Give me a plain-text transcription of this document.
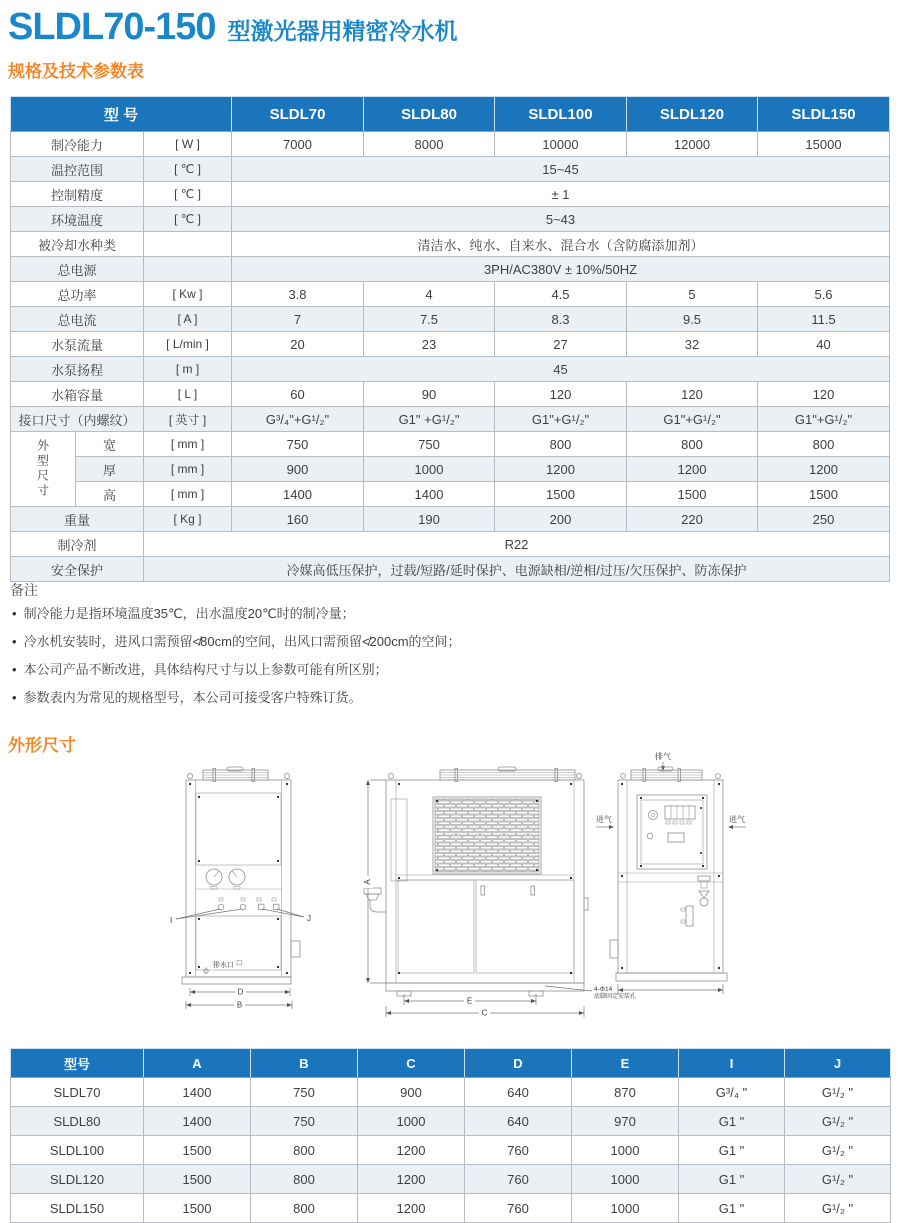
SLDL70-150 型激光器用精密冷水机
规格及技术参数表
型 号			SLDL70	SLDL80	SLDL100	SLDL120	SLDL150
制冷能力		[ W ]	7000	8000	10000	12000	15000
温控范围		[ ℃ ]	15~45				
控制精度		[ ℃ ]	± 1				
环境温度		[ ℃ ]	5~43				
被冷却水种类			清洁水、纯水、自来水、混合水（含防腐添加剂）				
总电源			3PH/AC380V ± 10%/50HZ				
总功率		[ Kw ]	3.8	4	4.5	5	5.6
总电流		[ A ]	7	7.5	8.3	9.5	11.5
水泵流量		[ L/min ]	20	23	27	32	40
水泵扬程		[ m ]	45				
水箱容量		[ L ]	60	90	120	120	120
接口尺寸（内螺纹）		[ 英寸 ]	G³/₄"+G¹/₂"	G1" +G¹/₂"	G1"+G¹/₂"	G1"+G¹/₂"	G1"+G¹/₂"
外型尺寸	宽	[ mm ]	750	750	800	800	800
	厚	[ mm ]	900	1000	1200	1200	1200
	高	[ mm ]	1400	1400	1500	1500	1500
重量		[ Kg ]	160	190	200	220	250
制冷剂		R22					
安全保护		冷媒高低压保护，过载/短路/延时保护、电源缺相/逆相/过压/欠压保护、防冻保护					
备注
• 制冷能力是指环境温度35℃，出水温度20℃时的制冷量；
• 冷水机安装时，进风口需预留≮80cm的空间，出风口需预留≮200cm的空间；
• 本公司产品不断改进，具体结构尺寸与以上参数可能有所区别；
• 参数表内为常见的规格型号，本公司可接受客户特殊订货。
外形尺寸
I	J
排水口
D
B
A
E
C
4-Φ14
底脚固定安装孔
排气
进气	进气
型号	A	B	C	D	E	I	J
SLDL70	1400	750	900	640	870	G³/₄ "	G¹/₂ "
SLDL80	1400	750	1000	640	970	G1 "	G¹/₂ "
SLDL100	1500	800	1200	760	1000	G1 "	G¹/₂ "
SLDL120	1500	800	1200	760	1000	G1 "	G¹/₂ "
SLDL150	1500	800	1200	760	1000	G1 "	G¹/₂ "
